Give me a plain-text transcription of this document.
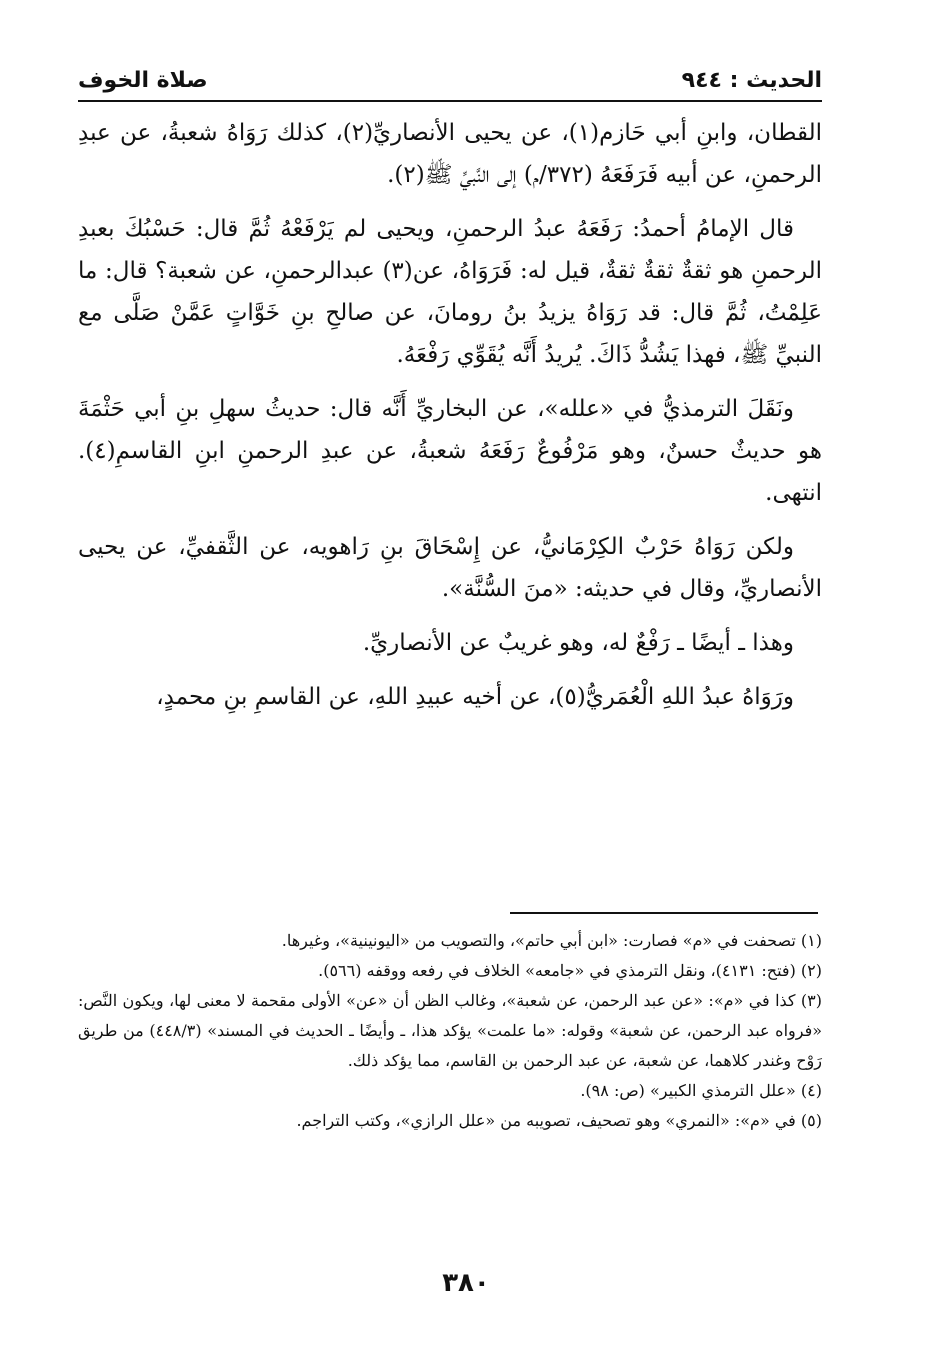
الحديث : ٩٤٤
صلاة الخوف

القطان، وابنِ أبي حَازم(١)، عن يحيى الأنصاريِّ(٢)، كذلك رَوَاهُ شعبةُ، عن عبدِ الرحمنِ، عن أبيه فَرَفَعَهُ (٣٧٢/م) إلى النَّبيِّ ﷺ(٢).

قال الإمامُ أحمدُ: رَفَعَهُ عبدُ الرحمنِ، ويحيى لم يَرْفَعْهُ ثُمَّ قال: حَسْبُكَ بعبدِ الرحمنِ هو ثقةٌ ثقةٌ ثقةٌ، قيل له: فَرَوَاهُ، عن(٣) عبدالرحمنِ، عن شعبة؟ قال: ما عَلِمْتُ، ثُمَّ قال: قد رَوَاهُ يزيدُ بنُ رومانَ، عن صالحِ بنِ خَوَّاتٍ عَمَّنْ صَلَّى مع النبيِّ ﷺ، فهذا يَشُدُّ ذَاكَ. يُريدُ أَنَّه يُقَوِّي رَفْعَهُ.

ونَقَلَ الترمذيُّ في «علله»، عن البخاريِّ أَنَّه قال: حديثُ سهلِ بنِ أبي حَثْمَةَ هو حديثٌ حسنٌ، وهو مَرْفُوعٌ رَفَعَهُ شعبةُ، عن عبدِ الرحمنِ ابنِ القاسمِ(٤). انتهى.

ولكن رَوَاهُ حَرْبٌ الكِرْمَانيُّ، عن إِسْحَاقَ بنِ رَاهويه، عن الثَّقفيِّ، عن يحيى الأنصاريِّ، وقال في حديثه: «منَ السُّنَّة».

وهذا ـ أيضًا ـ رَفْعٌ له، وهو غريبٌ عن الأنصاريِّ.

ورَوَاهُ عبدُ اللهِ الْعُمَريُّ(٥)، عن أخيه عبيدِ اللهِ، عن القاسمِ بنِ محمدٍ،

(١) تصحفت في «م» فصارت: «ابن أبي حاتم»، والتصويب من «اليونينية»، وغيرها.

(٢) (فتح: ٤١٣١)، ونقل الترمذي في «جامعه» الخلاف في رفعه ووقفه (٥٦٦).

(٣) كذا في «م»: «عن عبد الرحمن، عن شعبة»، وغالب الظن أن «عن» الأولى مقحمة لا معنى لها، ويكون النَّص: «فرواه عبد الرحمن، عن شعبة» وقوله: «ما علمت» يؤكد هذا، ـ وأيضًا ـ الحديث في المسند» (٤٤٨/٣) من طريق رَوْح وغندر كلاهما، عن شعبة، عن عبد الرحمن بن القاسم، مما يؤكد ذلك.

(٤) «علل الترمذي الكبير» (ص: ٩٨).

(٥) في «م»: «النمري» وهو تصحيف، تصويبه من «علل الرازي»، وكتب التراجم.

٣٨٠
